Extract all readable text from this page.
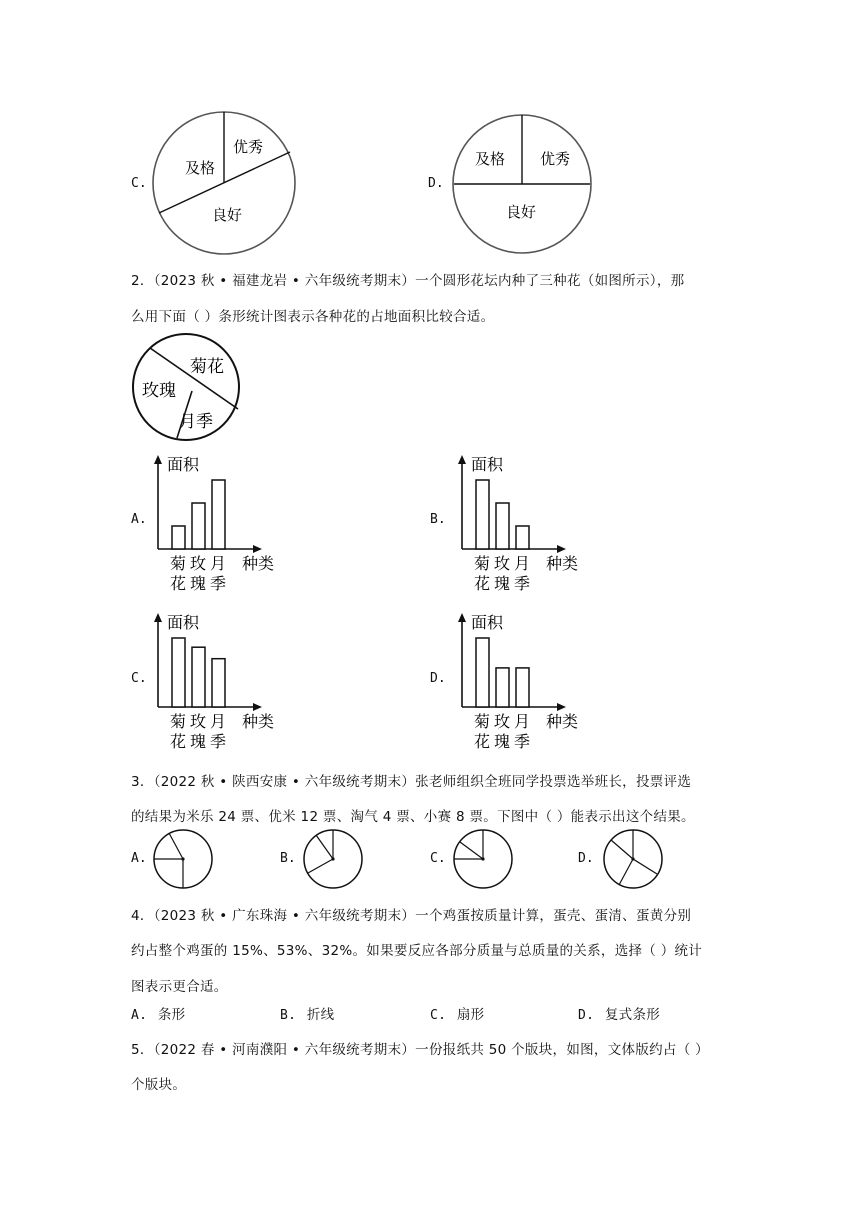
C.
及格
优秀
良好
D.
及格 优秀
良好
2．（2023 秋 • 福建龙岩 • 六年级统考期末）一个圆形花坛内种了三种花（如图所示），那
么用下面（ ）条形统计图表示各种花的占地面积比较合适。
菊花
玫瑰
月季
A.	B.
C.	D.
面积
种类
菊
花
玫
瑰
月
季
面积
种类
菊
花
玫
瑰
月
季
面积
种类
菊
花
玫
瑰
月
季
面积
种类
菊
花
玫
瑰
月
季
3．（2022 秋 • 陕西安康 • 六年级统考期末）张老师组织全班同学投票选举班长，投票评选
的结果为米乐 24 票、优米 12 票、淘气 4 票、小赛 8 票。下图中（ ）能表示出这个结果。
A.	B.	C.	D.
4．（2023 秋 • 广东珠海 • 六年级统考期末）一个鸡蛋按质量计算，蛋壳、蛋清、蛋黄分别
约占整个鸡蛋的 15%、53%、32%。如果要反应各部分质量与总质量的关系，选择（ ）统计
图表示更合适。
A. 条形	B. 折线	C. 扇形	D. 复式条形
5．（2022 春 • 河南濮阳 • 六年级统考期末）一份报纸共 50 个版块，如图，文体版约占（ ）
个版块。
